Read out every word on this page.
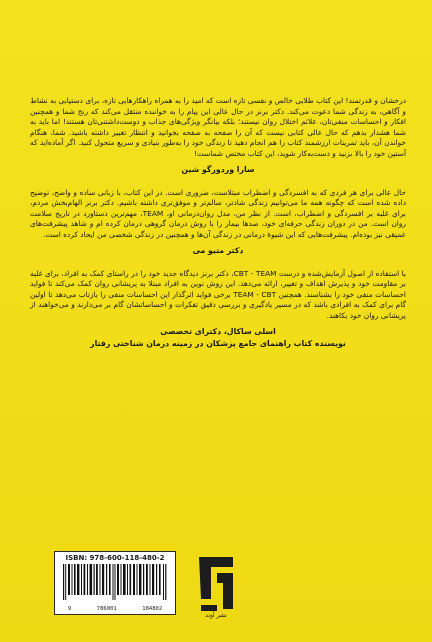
درخشان و قدرتمند! این کتاب طلایی خالص و نفسی تازه است که امید را به همراه راهکارهایی تازه، برای دستیابی به نشاط و آگاهی، به زندگی شما دعوت می‌کند. دکتر برنز در حال عالی این پیام را به خواننده منتقل می‌کند که رنج شما و همچنین افکار و احساسات منفی‌تان، علائم اختلال روان نیستند؛ بلکه بیانگر ویژگی‌های جذاب و دوست‌داشتنی‌تان هستند! اما باید به شما هشدار بدهم که حال عالی کتابی نیست که آن را صفحه به صفحه بخوانید و انتظار تغییر داشته باشید. شما، هنگام خواندن آن، باید تمرینات ارزشمند کتاب را هم انجام دهید تا زندگی خود را به‌طور بنیادی و سریع متحول کنید. اگر آماده‌اید که آستین خود را بالا بزنید و دست‌به‌کار شوید، این کتاب مختص شماست!

سارا وردورگو شین

حال عالی برای هر فردی که به افسردگی و اضطراب مبتلاست، ضروری است. در این کتاب، با زبانی ساده و واضح، توضیح داده شده است که چگونه همه ما می‌توانیم زندگی شادتر، سالم‌تر و موفق‌تری داشته باشیم. دکتر برنز الهام‌بخش مردم، برای غلبه بر افسردگی و اضطراب، است. از نظر من، مدل روان‌درمانی او، TEAM، مهم‌ترین دستاورد در تاریخ سلامت روان است. من در دوران زندگی حرفه‌ای خود، صدها بیمار را با روش درمان گروهی درمان کرده ام و شاهد پیشرفت‌های عمیقی نیز بوده‌ام. پیشرفت‌هایی که این شیوهٔ درمانی در زندگی آن‌ها و همچنین در زندگی شخصی من ایجاد کرده است.

دکتر متیو می

با استفاده از اصول آزمایش‌شده و درست CBT - TEAM، دکتر برنز دیدگاه جدید خود را در راستای کمک به افراد، برای غلبه بر مقاومت خود و پذیرش اهداف و تغییر، ارائه می‌دهد. این روش نوین به افراد مبتلا به پریشانی روان کمک می‌کند تا فواید احساسات منفی خود را بشناسند. همچنین TEAM - CBT برخی فواید اثرگذار این احساسات منفی را بازتاب می‌دهد تا اولین گام برای کمک به افرادی باشد که در مسیر یادگیری و بررسی دقیق تفکرات و احساساتشان گام بر می‌دارند و می‌خواهند از پریشانی روان خود بکاهند.

اسلی ساکال، دکترای تخصصی

نویسنده کتاب راهنمای جامع پزشکان در زمینه درمان شناختی رفتار

ISBN: 978-600-118-480-2
9	786001	184802
نشر آوند
